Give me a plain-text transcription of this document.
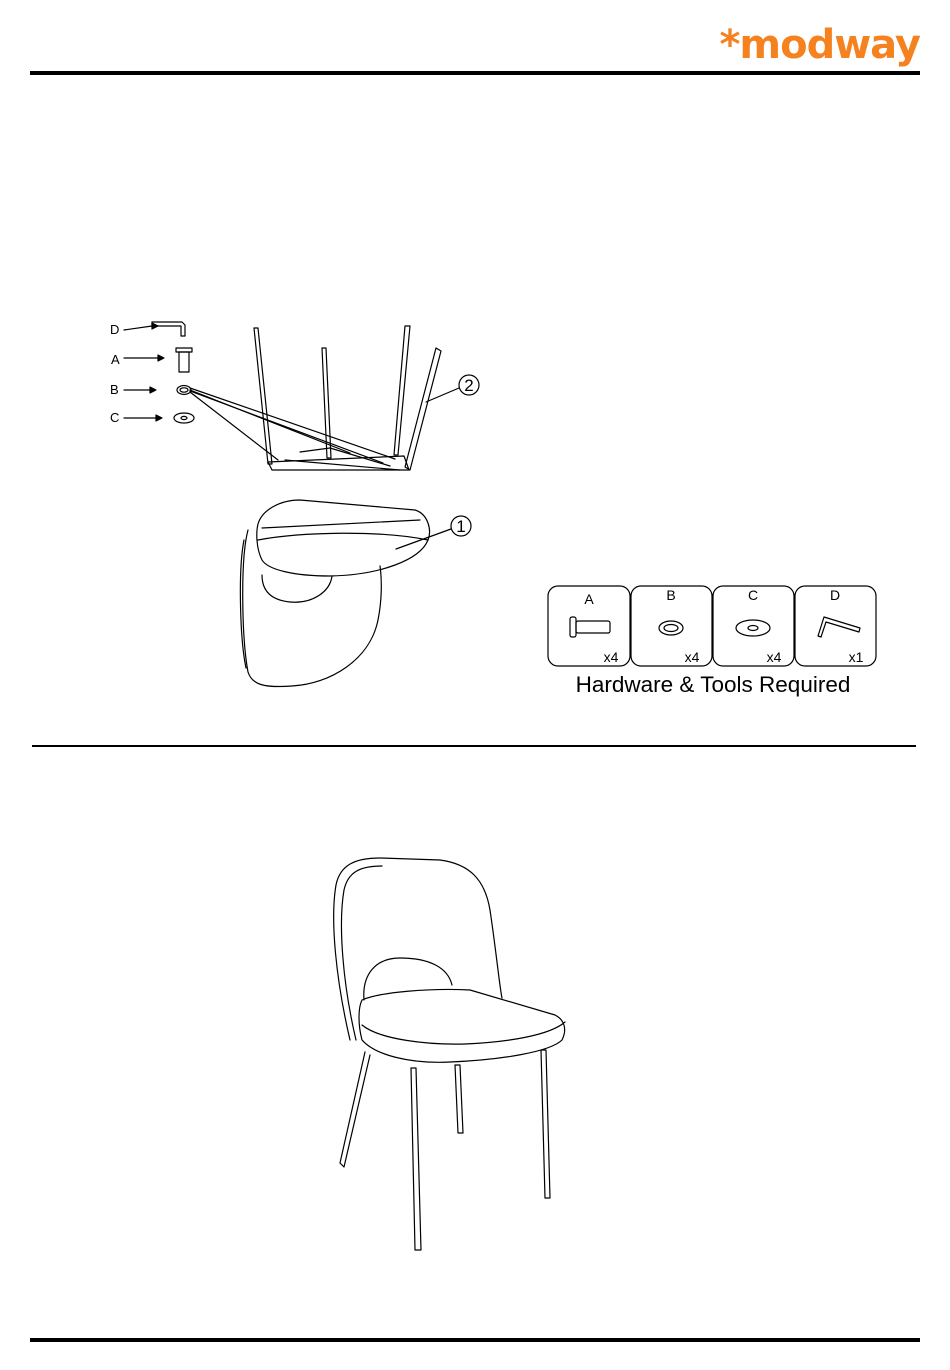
*modway
D
A
B
C
2
1
A	B	C	D
x4	x4	x4	x1
Hardware & Tools Required
